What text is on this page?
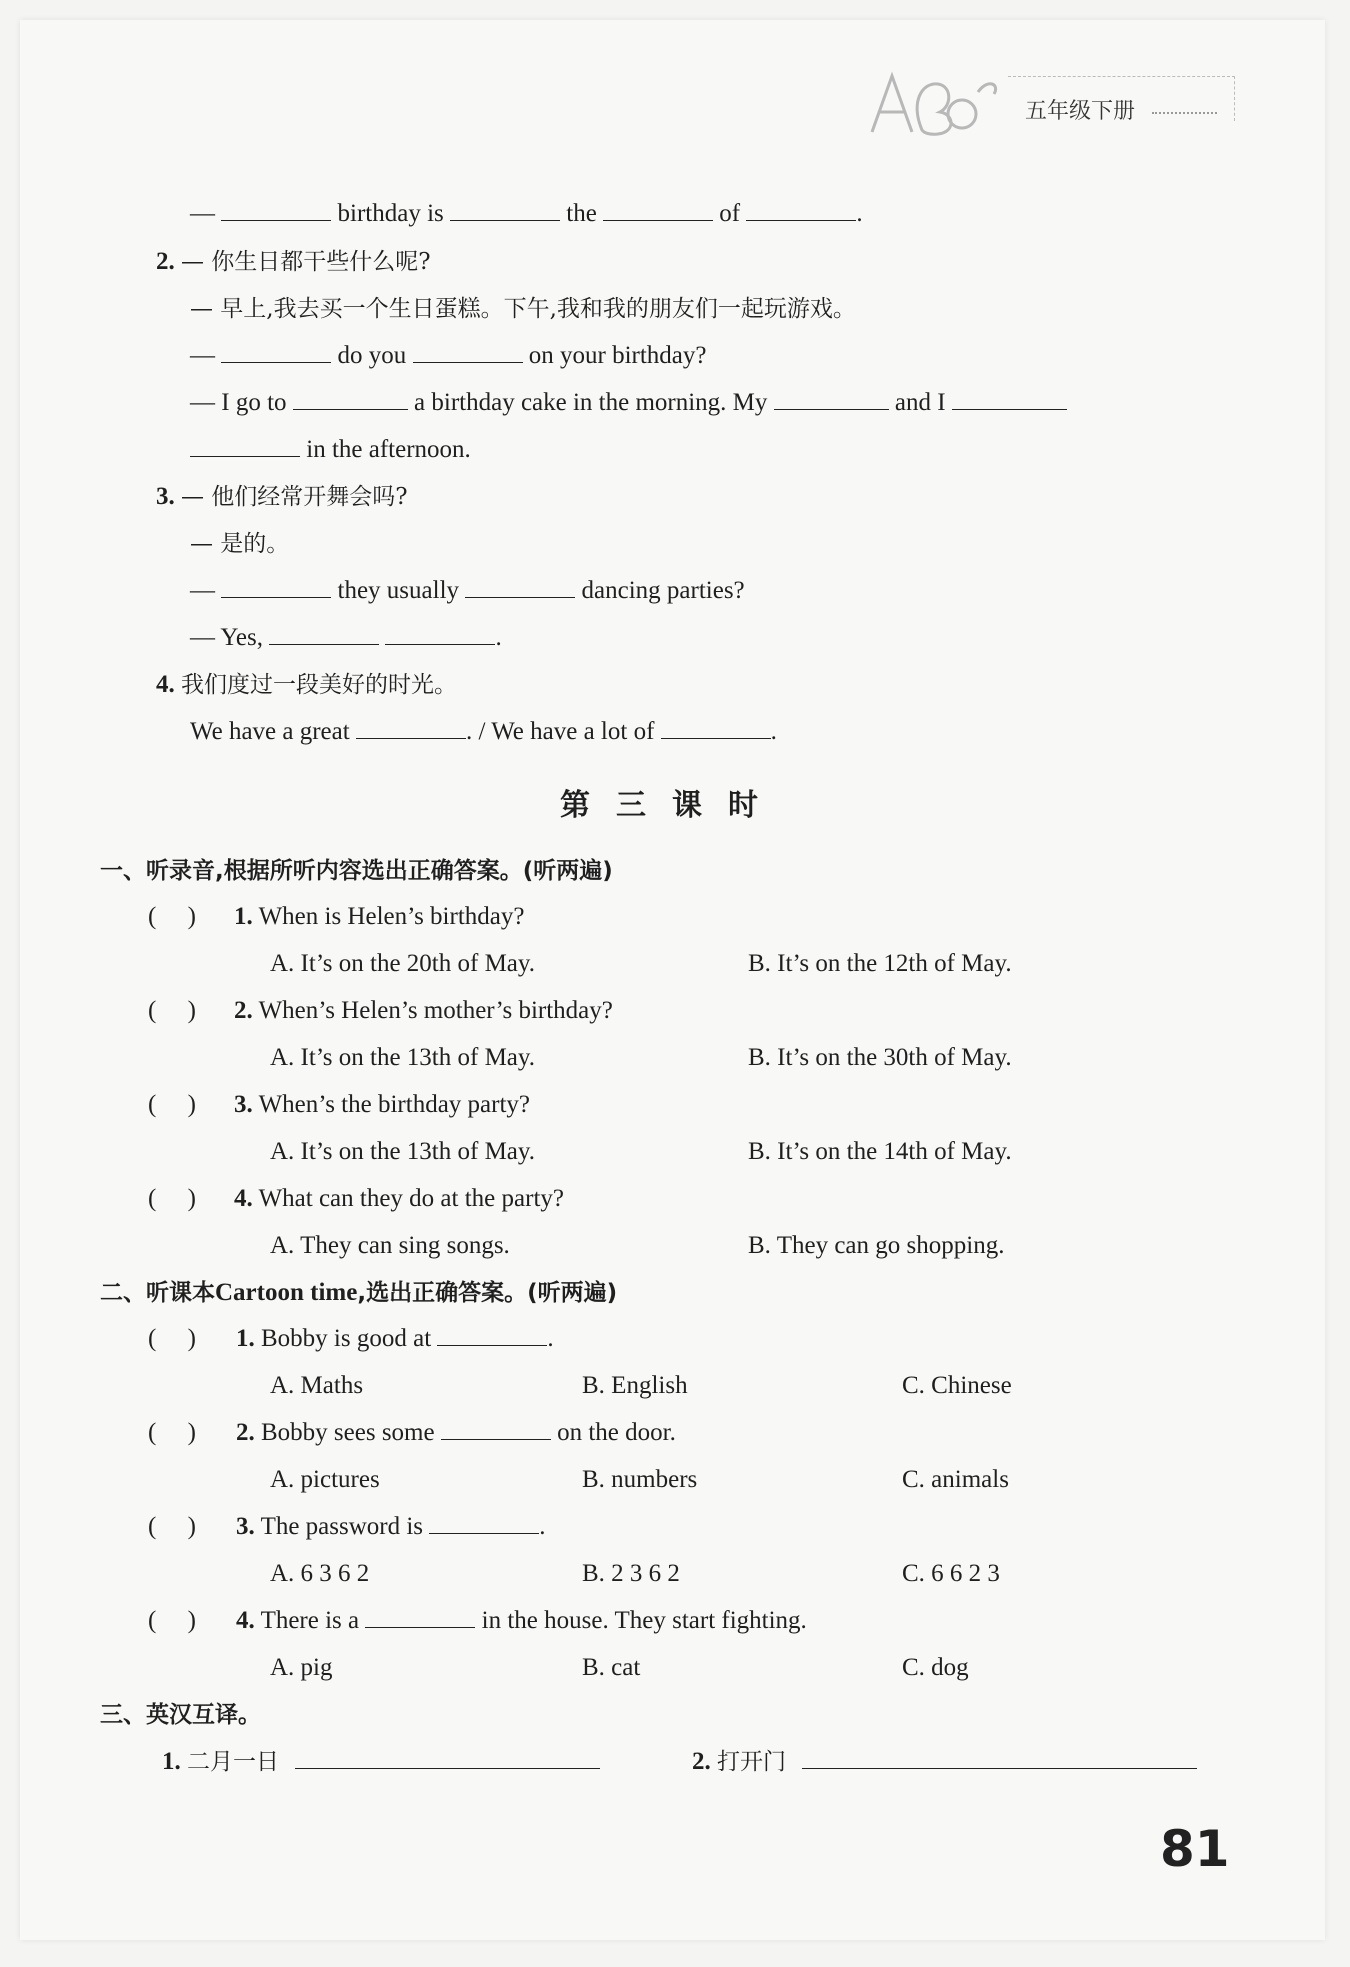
五年级下册
—	birthday is	the	of	.
2. — 你生日都干些什么呢?
— 早上,我去买一个生日蛋糕。下午,我和我的朋友们一起玩游戏。
—	do you	on your birthday?
— I go to	a birthday cake in the morning. My	and I
in the afternoon.
3. — 他们经常开舞会吗?
— 是的。
—	they usually	dancing parties?
— Yes,	.
4. 我们度过一段美好的时光。
We have a great	. / We have a lot of	.
第三课时
一、听录音,根据所听内容选出正确答案。(听两遍)
(     ) 1. When is Helen’s birthday?
A. It’s on the 20th of May.	B. It’s on the 12th of May.
(     ) 2. When’s Helen’s mother’s birthday?
A. It’s on the 13th of May.	B. It’s on the 30th of May.
(     ) 3. When’s the birthday party?
A. It’s on the 13th of May.	B. It’s on the 14th of May.
(     ) 4. What can they do at the party?
A. They can sing songs.	B. They can go shopping.
二、听课本Cartoon time,选出正确答案。(听两遍)
(     ) 1. Bobby is good at	.
A. Maths	B. English	C. Chinese
(     ) 2. Bobby sees some	on the door.
A. pictures	B. numbers	C. animals
(     ) 3. The password is	.
A. 6 3 6 2	B. 2 3 6 2	C. 6 6 2 3
(     ) 4. There is a	in the house. They start fighting.
A. pig	B. cat	C. dog
三、英汉互译。
1. 二月一日	2. 打开门
81
